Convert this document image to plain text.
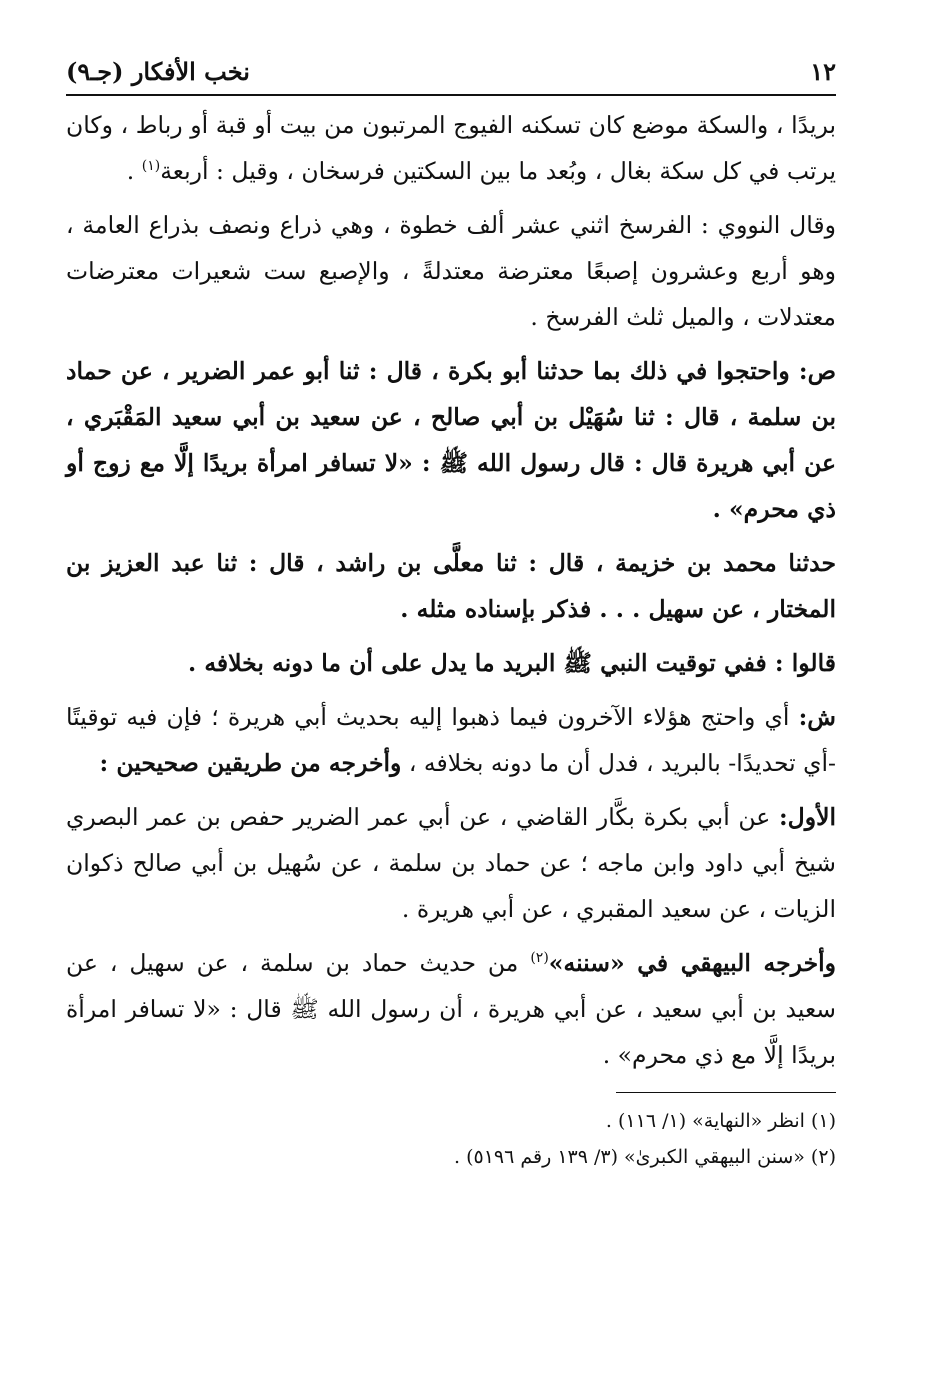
١٢
نخب الأفكار (جـ٩)

بريدًا ، والسكة موضع كان تسكنه الفيوج المرتبون من بيت أو قبة أو رباط ، وكان يرتب في كل سكة بغال ، وبُعد ما بين السكتين فرسخان ، وقيل : أربعة$^{(١)}$ .

وقال النووي : الفرسخ اثني عشر ألف خطوة ، وهي ذراع ونصف بذراع العامة ، وهو أربع وعشرون إصبعًا معترضة معتدلةً ، والإصبع ست شعيرات معترضات معتدلات ، والميل ثلث الفرسخ .

ص: واحتجوا في ذلك بما حدثنا أبو بكرة ، قال : ثنا أبو عمر الضرير ، عن حماد بن سلمة ، قال : ثنا سُهَيْل بن أبي صالح ، عن سعيد بن أبي سعيد المَقْبَري ، عن أبي هريرة قال : قال رسول الله ﷺ : «لا تسافر امرأة بريدًا إلَّا مع زوج أو ذي محرم» .

حدثنا محمد بن خزيمة ، قال : ثنا معلَّى بن راشد ، قال : ثنا عبد العزيز بن المختار ، عن سهيل . . . فذكر بإسناده مثله .

قالوا : ففي توقيت النبي ﷺ البريد ما يدل على أن ما دونه بخلافه .

ش: أي واحتج هؤلاء الآخرون فيما ذهبوا إليه بحديث أبي هريرة ؛ فإن فيه توقيتًا -أي تحديدًا- بالبريد ، فدل أن ما دونه بخلافه ، وأخرجه من طريقين صحيحين :

الأول: عن أبي بكرة بكَّار القاضي ، عن أبي عمر الضرير حفص بن عمر البصري شيخ أبي داود وابن ماجه ؛ عن حماد بن سلمة ، عن سُهيل بن أبي صالح ذكوان الزيات ، عن سعيد المقبري ، عن أبي هريرة .

وأخرجه البيهقي في «سننه»$^{(٢)}$ من حديث حماد بن سلمة ، عن سهيل ، عن سعيد بن أبي سعيد ، عن أبي هريرة ، أن رسول الله ﷺ قال : «لا تسافر امرأة بريدًا إلَّا مع ذي محرم» .

(١) انظر «النهاية» (١/ ١١٦) .

(٢) «سنن البيهقي الكبرىٰ» (٣/ ١٣٩ رقم ٥١٩٦) .
